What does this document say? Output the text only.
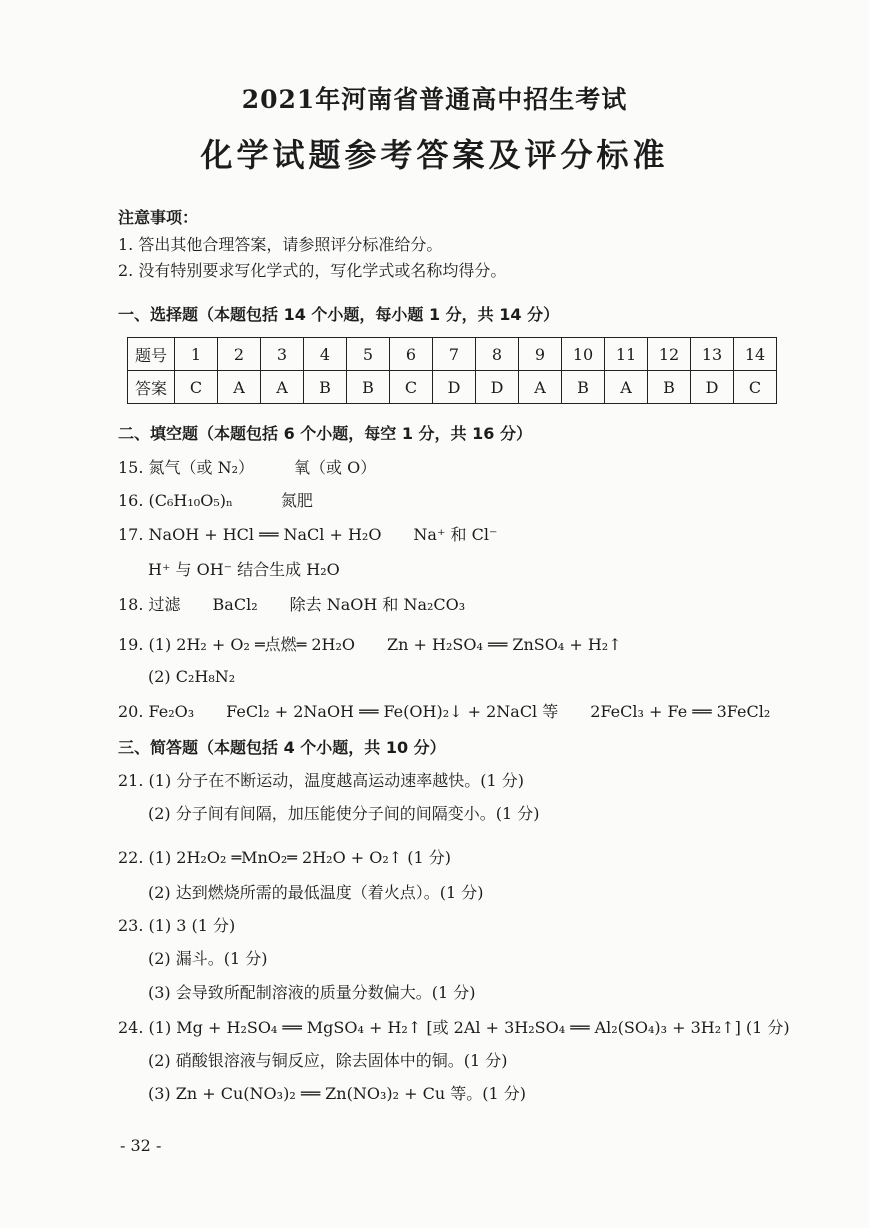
2021年河南省普通高中招生考试
化学试题参考答案及评分标准
注意事项：
1. 答出其他合理答案，请参照评分标准给分。
2. 没有特别要求写化学式的，写化学式或名称均得分。
一、选择题（本题包括 14 个小题，每小题 1 分，共 14 分）
题号	1	2	3	4	5	6	7	8	9	10	11	12	13	14
答案	C	A	A	B	B	C	D	D	A	B	A	B	D	C
二、填空题（本题包括 6 个小题，每空 1 分，共 16 分）
15. 氮气（或 N₂）　　　氧（或 O）
16. (C₆H₁₀O₅)ₙ　　　氮肥
17. NaOH + HCl ══ NaCl + H₂O　　Na⁺ 和 Cl⁻
H⁺ 与 OH⁻ 结合生成 H₂O
18. 过滤　　BaCl₂　　除去 NaOH 和 Na₂CO₃
19. (1) 2H₂ + O₂ ═点燃═ 2H₂O　　Zn + H₂SO₄ ══ ZnSO₄ + H₂↑
(2) C₂H₈N₂
20. Fe₂O₃　　FeCl₂ + 2NaOH ══ Fe(OH)₂↓ + 2NaCl 等　　2FeCl₃ + Fe ══ 3FeCl₂
三、简答题（本题包括 4 个小题，共 10 分）
21. (1) 分子在不断运动，温度越高运动速率越快。(1 分)
(2) 分子间有间隔，加压能使分子间的间隔变小。(1 分)
22. (1) 2H₂O₂ ═MnO₂═ 2H₂O + O₂↑ (1 分)
(2) 达到燃烧所需的最低温度（着火点）。(1 分)
23. (1) 3 (1 分)
(2) 漏斗。(1 分)
(3) 会导致所配制溶液的质量分数偏大。(1 分)
24. (1) Mg + H₂SO₄ ══ MgSO₄ + H₂↑ [或 2Al + 3H₂SO₄ ══ Al₂(SO₄)₃ + 3H₂↑] (1 分)
(2) 硝酸银溶液与铜反应，除去固体中的铜。(1 分)
(3) Zn + Cu(NO₃)₂ ══ Zn(NO₃)₂ + Cu 等。(1 分)
- 32 -
